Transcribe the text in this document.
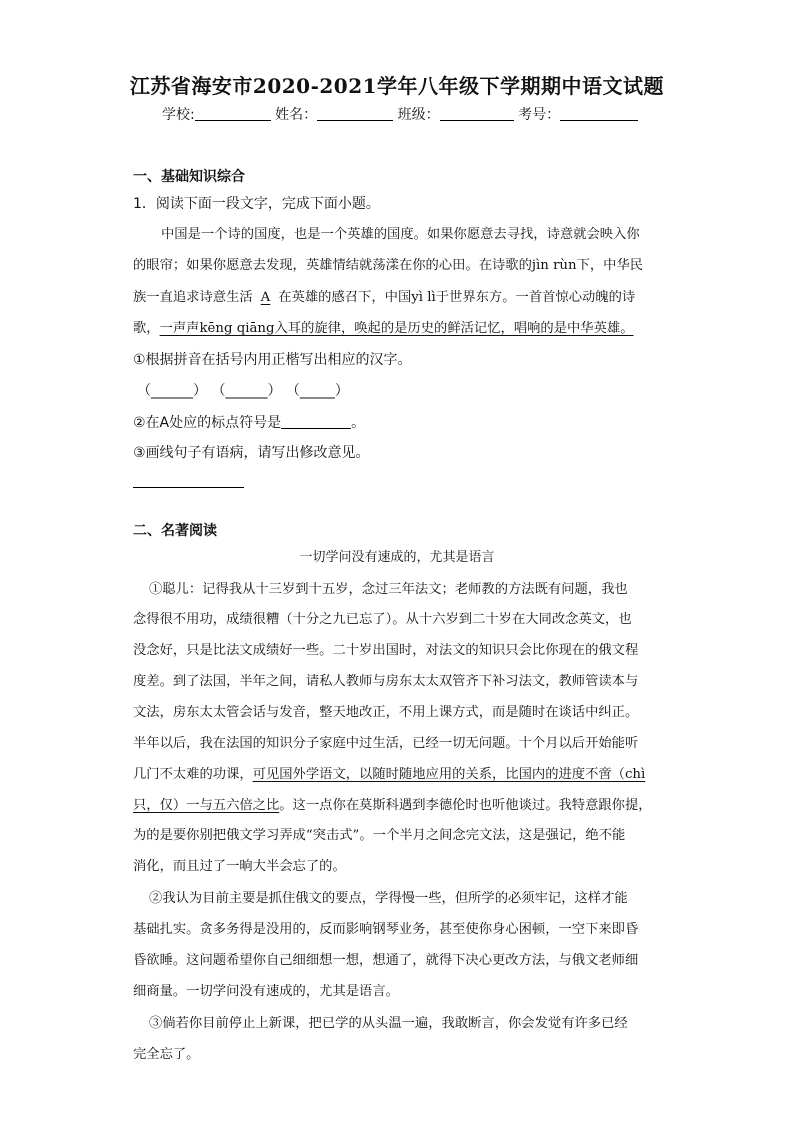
江苏省海安市2020-2021学年八年级下学期期中语文试题
学校:	姓名：	班级：	考号：
一、基础知识综合
1．阅读下面一段文字，完成下面小题。
中国是一个诗的国度，也是一个英雄的国度。如果你愿意去寻找，诗意就会映入你
的眼帘；如果你愿意去发现，英雄情结就荡漾在你的心田。在诗歌的jìn rùn下，中华民
族一直追求诗意生活 A 在英雄的感召下，中国yì lì于世界东方。一首首惊心动魄的诗
歌，一声声kēng qiāng入耳的旋律，唤起的是历史的鲜活记忆，唱响的是中华英雄。
①根据拼音在括号内用正楷写出相应的汉字。
（______） （______） （_____）
②在A处应的标点符号是	。
③画线句子有语病，请写出修改意见。
二、名著阅读
一切学问没有速成的，尤其是语言
①聪儿：记得我从十三岁到十五岁，念过三年法文；老师教的方法既有问题，我也
念得很不用功，成绩很糟（十分之九已忘了）。从十六岁到二十岁在大同改念英文，也
没念好，只是比法文成绩好一些。二十岁出国时，对法文的知识只会比你现在的俄文程
度差。到了法国，半年之间，请私人教师与房东太太双管齐下补习法文，教师管读本与
文法，房东太太管会话与发音，整天地改正，不用上课方式，而是随时在谈话中纠正。
半年以后，我在法国的知识分子家庭中过生活，已经一切无问题。十个月以后开始能听
几门不太难的功课，可见国外学语文，以随时随地应用的关系，比国内的进度不啻（chì
只，仅）一与五六倍之比。这一点你在莫斯科遇到李德伦时也听他谈过。我特意跟你提，
为的是要你别把俄文学习弄成“突击式”。一个半月之间念完文法，这是强记，绝不能
消化，而且过了一晌大半会忘了的。
②我认为目前主要是抓住俄文的要点，学得慢一些，但所学的必须牢记，这样才能
基础扎实。贪多务得是没用的，反而影响钢琴业务，甚至使你身心困顿，一空下来即昏
昏欲睡。这问题希望你自己细细想一想，想通了，就得下决心更改方法，与俄文老师细
细商量。一切学问没有速成的，尤其是语言。
③倘若你目前停止上新课，把已学的从头温一遍，我敢断言，你会发觉有许多已经
完全忘了。
